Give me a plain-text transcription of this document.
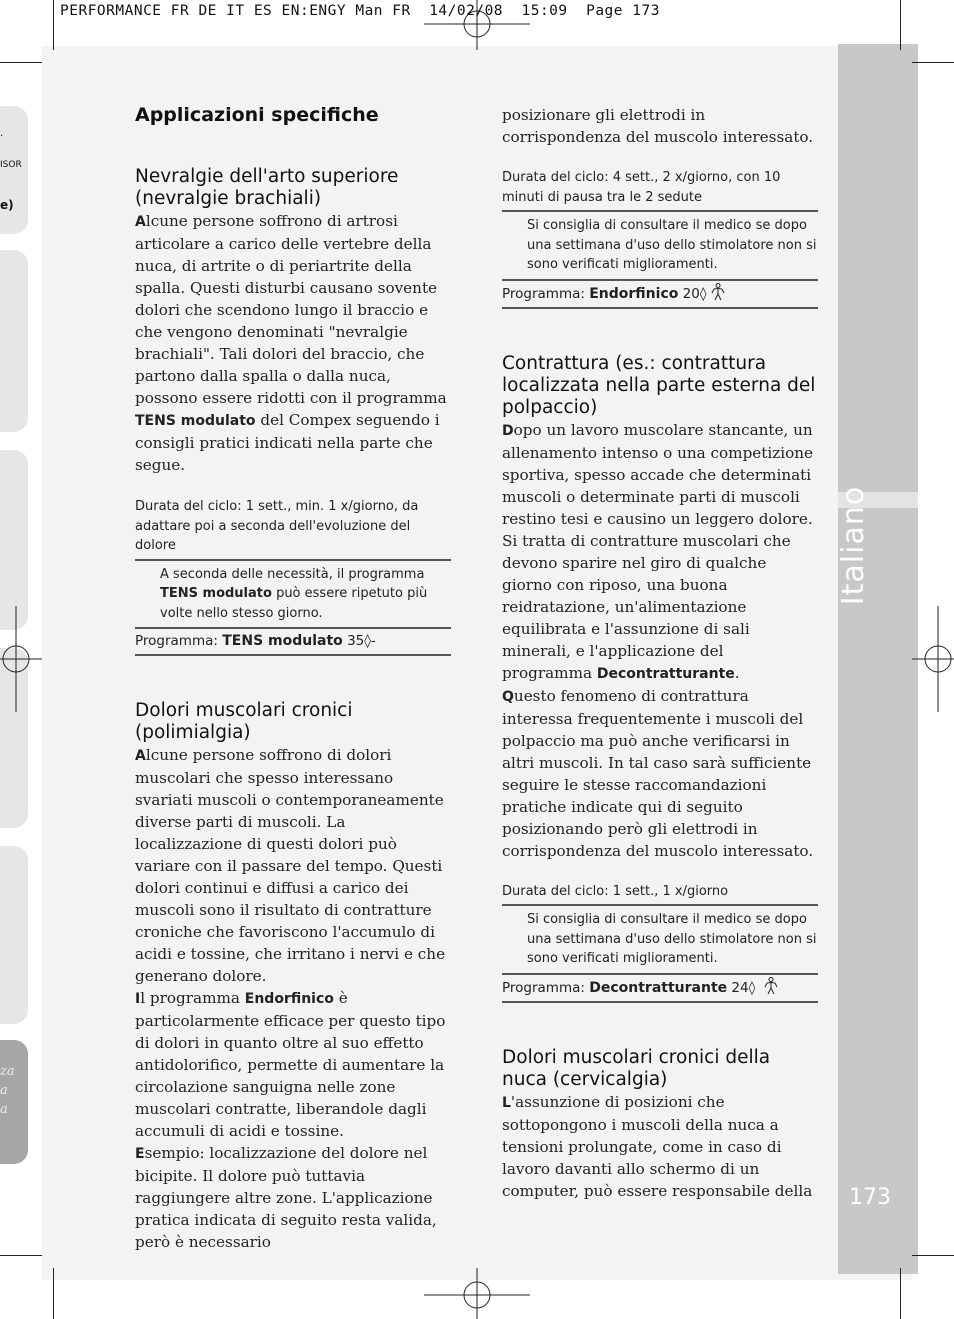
Italiano
173
.
ISOR
e)
za
a
a
PERFORMANCE FR DE IT ES EN:ENGY Man FR  14/02/08  15:09  Page 173
Applicazioni specifiche
Nevralgie dell'arto superiore (nevralgie brachiali)

Alcune persone soffrono di artrosi articolare a carico delle vertebre della nuca, di artrite o di periartrite della spalla. Questi disturbi causano sovente dolori che scendono lungo il braccio e che vengono denominati "nevralgie brachiali". Tali dolori del braccio, che partono dalla spalla o dalla nuca, possono essere ridotti con il programma TENS modulato del Compex seguendo i consigli pratici indicati nella parte che segue.

Durata del ciclo: 1 sett., min. 1 x/giorno, da adattare poi a seconda dell'evoluzione del dolore
A seconda delle necessità, il programma TENS modulato può essere ripetuto più volte nello stesso giorno.
Programma: TENS modulato 35◊-
Dolori muscolari cronici (polimialgia)

Alcune persone soffrono di dolori muscolari che spesso interessano svariati muscoli o contemporaneamente diverse parti di muscoli. La localizzazione di questi dolori può variare con il passare del tempo. Questi dolori continui e diffusi a carico dei muscoli sono il risultato di contratture croniche che favoriscono l'accumulo di acidi e tossine, che irritano i nervi e che generano dolore.

Il programma Endorfinico è particolarmente efficace per questo tipo di dolori in quanto oltre al suo effetto antidolorifico, permette di aumentare la circolazione sanguigna nelle zone muscolari contratte, liberandole dagli accumuli di acidi e tossine.

Esempio: localizzazione del dolore nel bicipite. Il dolore può tuttavia raggiungere altre zone. L'applicazione pratica indicata di seguito resta valida, però è necessario

posizionare gli elettrodi in corrispondenza del muscolo interessato.

Durata del ciclo: 4 sett., 2 x/giorno, con 10 minuti di pausa tra le 2 sedute
Si consiglia di consultare il medico se dopo una settimana d'uso dello stimolatore non si sono verificati miglioramenti.
Programma: Endorfinico 20◊
Contrattura (es.: contrattura localizzata nella parte esterna del polpaccio)

Dopo un lavoro muscolare stancante, un allenamento intenso o una competizione sportiva, spesso accade che determinati muscoli o determinate parti di muscoli restino tesi e causino un leggero dolore. Si tratta di contratture muscolari che devono sparire nel giro di qualche giorno con riposo, una buona reidratazione, un'alimentazione equilibrata e l'assunzione di sali minerali, e l'applicazione del programma Decontratturante.

Questo fenomeno di contrattura interessa frequentemente i muscoli del polpaccio ma può anche verificarsi in altri muscoli. In tal caso sarà sufficiente seguire le stesse raccomandazioni pratiche indicate qui di seguito posizionando però gli elettrodi in corrispondenza del muscolo interessato.

Durata del ciclo: 1 sett., 1 x/giorno
Si consiglia di consultare il medico se dopo una settimana d'uso dello stimolatore non si sono verificati miglioramenti.
Programma: Decontratturante 24◊
Dolori muscolari cronici della nuca (cervicalgia)

L'assunzione di posizioni che sottopongono i muscoli della nuca a tensioni prolungate, come in caso di lavoro davanti allo schermo di un computer, può essere responsabile della
